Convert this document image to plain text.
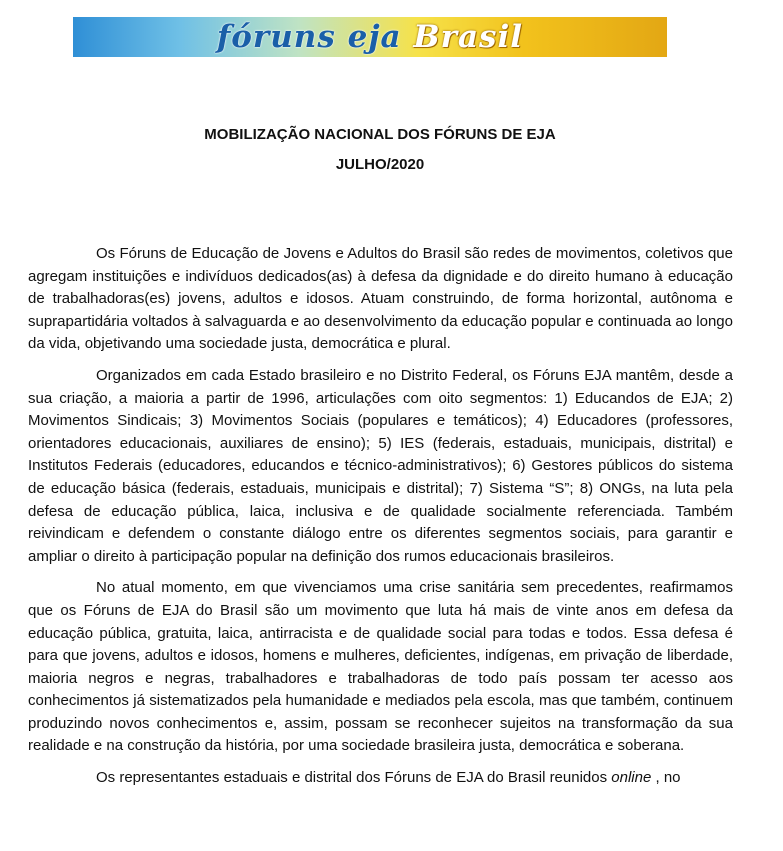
fóruns eja Brasil
MOBILIZAÇÃO NACIONAL DOS FÓRUNS DE EJA
JULHO/2020

Os Fóruns de Educação de Jovens e Adultos do Brasil são redes de movimentos, coletivos que agregam instituições e indivíduos dedicados(as) à defesa da dignidade e do direito humano à educação de trabalhadoras(es) jovens, adultos e idosos. Atuam construindo, de forma horizontal, autônoma e suprapartidária voltados à salvaguarda e ao desenvolvimento da educação popular e continuada ao longo da vida, objetivando uma sociedade justa, democrática e plural.

Organizados em cada Estado brasileiro e no Distrito Federal, os Fóruns EJA mantêm, desde a sua criação, a maioria a partir de 1996, articulações com oito segmentos: 1) Educandos de EJA; 2) Movimentos Sindicais; 3) Movimentos Sociais (populares e temáticos); 4) Educadores (professores, orientadores educacionais, auxiliares de ensino); 5) IES (federais, estaduais, municipais, distrital) e Institutos Federais (educadores, educandos e técnico-administrativos); 6) Gestores públicos do sistema de educação básica (federais, estaduais, municipais e distrital); 7) Sistema “S”; 8) ONGs, na luta pela defesa de educação pública, laica, inclusiva e de qualidade socialmente referenciada. Também reivindicam e defendem o constante diálogo entre os diferentes segmentos sociais, para garantir e ampliar o direito à participação popular na definição dos rumos educacionais brasileiros.

No atual momento, em que vivenciamos uma crise sanitária sem precedentes, reafirmamos que os Fóruns de EJA do Brasil são um movimento que luta há mais de vinte anos em defesa da educação pública, gratuita, laica, antirracista e de qualidade social para todas e todos. Essa defesa é para que jovens, adultos e idosos, homens e mulheres, deficientes, indígenas, em privação de liberdade, maioria negros e negras, trabalhadores e trabalhadoras de todo país possam ter acesso aos conhecimentos já sistematizados pela humanidade e mediados pela escola, mas que também, continuem produzindo novos conhecimentos e, assim, possam se reconhecer sujeitos na transformação da sua realidade e na construção da história, por uma sociedade brasileira justa, democrática e soberana.

Os representantes estaduais e distrital dos Fóruns de EJA do Brasil reunidos online , no
